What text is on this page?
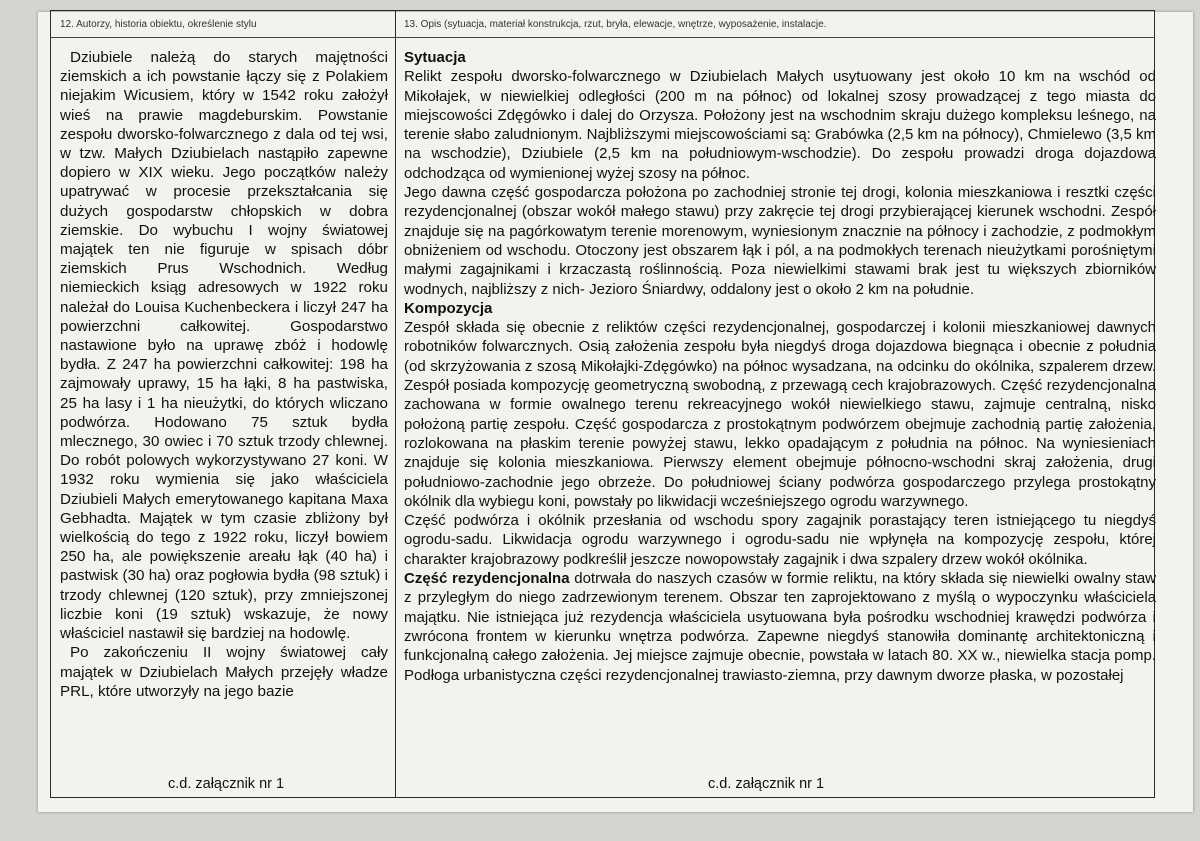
12. Autorzy, historia obiektu, określenie stylu	13. Opis (sytuacja, materiał konstrukcja, rzut, bryła, elewacje, wnętrze, wyposażenie, instalacje.

Dziubiele należą do starych majętności ziemskich a ich powstanie łączy się z Polakiem niejakim Wicusiem, który w 1542 roku założył wieś na prawie magdeburskim. Powstanie zespołu dworsko-folwarcznego z dala od tej wsi, w tzw. Małych Dziubielach nastąpiło zapewne dopiero w XIX wieku. Jego początków należy upatrywać w procesie przekształcania się dużych gospodarstw chłopskich w dobra ziemskie. Do wybuchu I wojny światowej majątek ten nie figuruje w spisach dóbr ziemskich Prus Wschodnich. Według niemieckich ksiąg adresowych w 1922 roku należał do Louisa Kuchenbeckera i liczył 247 ha powierzchni całkowitej. Gospodarstwo nastawione było na uprawę zbóż i hodowlę bydła. Z 247 ha powierzchni całkowitej: 198 ha zajmowały uprawy, 15 ha łąki, 8 ha pastwiska, 25 ha lasy i 1 ha nieużytki, do których wliczano podwórza. Hodowano 75 sztuk bydła mlecznego, 30 owiec i 70 sztuk trzody chlewnej. Do robót polowych wykorzystywano 27 koni. W 1932 roku wymienia się jako właściciela Dziubieli Małych emerytowanego kapitana Maxa Gebhadta. Majątek w tym czasie zbliżony był wielkością do tego z 1922 roku, liczył bowiem 250 ha, ale powiększenie areału łąk (40 ha) i pastwisk (30 ha) oraz pogłowia bydła (98 sztuk) i trzody chlewnej (120 sztuk), przy zmniejszonej liczbie koni (19 sztuk) wskazuje, że nowy właściciel nastawił się bardziej na hodowlę.

Po zakończeniu II wojny światowej cały majątek w Dziubielach Małych przejęły władze PRL, które utworzyły na jego bazie

c.d. załącznik nr 1

Sytuacja

Relikt zespołu dworsko-folwarcznego w Dziubielach Małych usytuowany jest około 10 km na wschód od Mikołajek, w niewielkiej odległości (200 m na północ) od lokalnej szosy prowadzącej z tego miasta do miejscowości Zdęgówko i dalej do Orzysza. Położony jest na wschodnim skraju dużego kompleksu leśnego, na terenie słabo zaludnionym. Najbliższymi miejscowościami są: Grabówka (2,5 km na północy), Chmielewo (3,5 km na wschodzie), Dziubiele (2,5 km na południowym-wschodzie). Do zespołu prowadzi droga dojazdowa odchodząca od wymienionej wyżej szosy na północ.

Jego dawna część gospodarcza położona po zachodniej stronie tej drogi, kolonia mieszkaniowa i resztki części rezydencjonalnej (obszar wokół małego stawu) przy zakręcie tej drogi przybierającej kierunek wschodni. Zespół znajduje się na pagórkowatym terenie morenowym, wyniesionym znacznie na północy i zachodzie, z podmokłym obniżeniem od wschodu. Otoczony jest obszarem łąk i pól, a na podmokłych terenach nieużytkami porośniętymi małymi zagajnikami i krzaczastą roślinnością. Poza niewielkimi stawami brak jest tu większych zbiorników wodnych, najbliższy z nich- Jezioro Śniardwy, oddalony jest o około 2 km na południe.

Kompozycja

Zespół składa się obecnie z reliktów części rezydencjonalnej, gospodarczej i kolonii mieszkaniowej dawnych robotników folwarcznych. Osią założenia zespołu była niegdyś droga dojazdowa biegnąca i obecnie z południa (od skrzyżowania z szosą Mikołajki-Zdęgówko) na północ wysadzana, na odcinku do okólnika, szpalerem drzew. Zespół posiada kompozycję geometryczną swobodną, z przewagą cech krajobrazowych. Część rezydencjonalna zachowana w formie owalnego terenu rekreacyjnego wokół niewielkiego stawu, zajmuje centralną, nisko położoną partię zespołu. Część gospodarcza z prostokątnym podwórzem obejmuje zachodnią partię założenia, rozlokowana na płaskim terenie powyżej stawu, lekko opadającym z południa na północ. Na wyniesieniach znajduje się kolonia mieszkaniowa. Pierwszy element obejmuje północno-wschodni skraj założenia, drugi południowo-zachodnie jego obrzeże. Do południowej ściany podwórza gospodarczego przylega prostokątny okólnik dla wybiegu koni, powstały po likwidacji wcześniejszego ogrodu warzywnego.

Część podwórza i okólnik przesłania od wschodu spory zagajnik porastający teren istniejącego tu niegdyś ogrodu-sadu. Likwidacja ogrodu warzywnego i ogrodu-sadu nie wpłynęła na kompozycję zespołu, której charakter krajobrazowy podkreślił jeszcze nowopowstały zagajnik i dwa szpalery drzew wokół okólnika.

Część rezydencjonalna dotrwała do naszych czasów w formie reliktu, na który składa się niewielki owalny staw z przyległym do niego zadrzewionym terenem. Obszar ten zaprojektowano z myślą o wypoczynku właściciela majątku. Nie istniejąca już rezydencja właściciela usytuowana była pośrodku wschodniej krawędzi podwórza i zwrócona frontem w kierunku wnętrza podwórza. Zapewne niegdyś stanowiła dominantę architektoniczną i funkcjonalną całego założenia. Jej miejsce zajmuje obecnie, powstała w latach 80. XX w., niewielka stacja pomp. Podłoga urbanistyczna części rezydencjonalnej trawiasto-ziemna, przy dawnym dworze płaska, w pozostałej

c.d. załącznik nr 1
